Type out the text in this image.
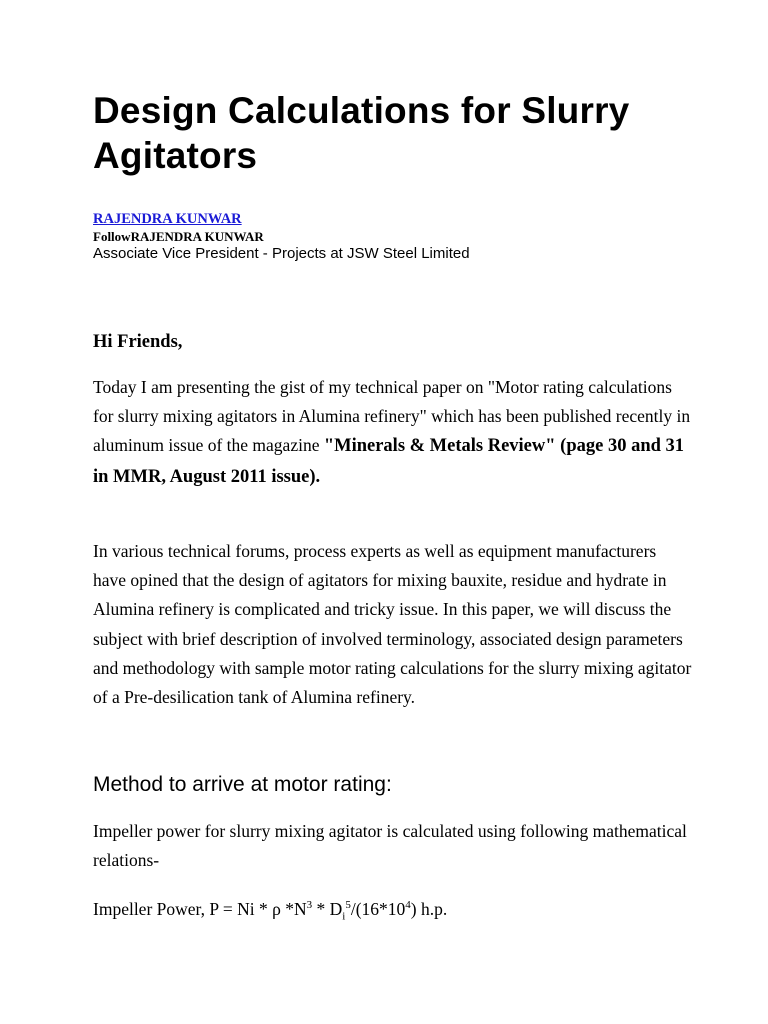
Design Calculations for Slurry Agitators
RAJENDRA KUNWAR
FollowRAJENDRA KUNWAR
Associate Vice President - Projects at JSW Steel Limited
Hi Friends,

Today I am presenting the gist of my technical paper on "Motor rating calculations for slurry mixing agitators in Alumina refinery" which has been published recently in aluminum issue of the magazine "Minerals & Metals Review" (page 30 and 31 in MMR, August 2011 issue).

In various technical forums, process experts as well as equipment manufacturers have opined that the design of agitators for mixing bauxite, residue and hydrate in Alumina refinery is complicated and tricky issue. In this paper, we will discuss the subject with brief description of involved terminology, associated design parameters and methodology with sample motor rating calculations for the slurry mixing agitator of a Pre-desilication tank of Alumina refinery.

Method to arrive at motor rating:

Impeller power for slurry mixing agitator is calculated using following mathematical relations-

Impeller Power, P = Ni * ρ $*N^3 * D_i^5/(16*10^4)$ h.p.
